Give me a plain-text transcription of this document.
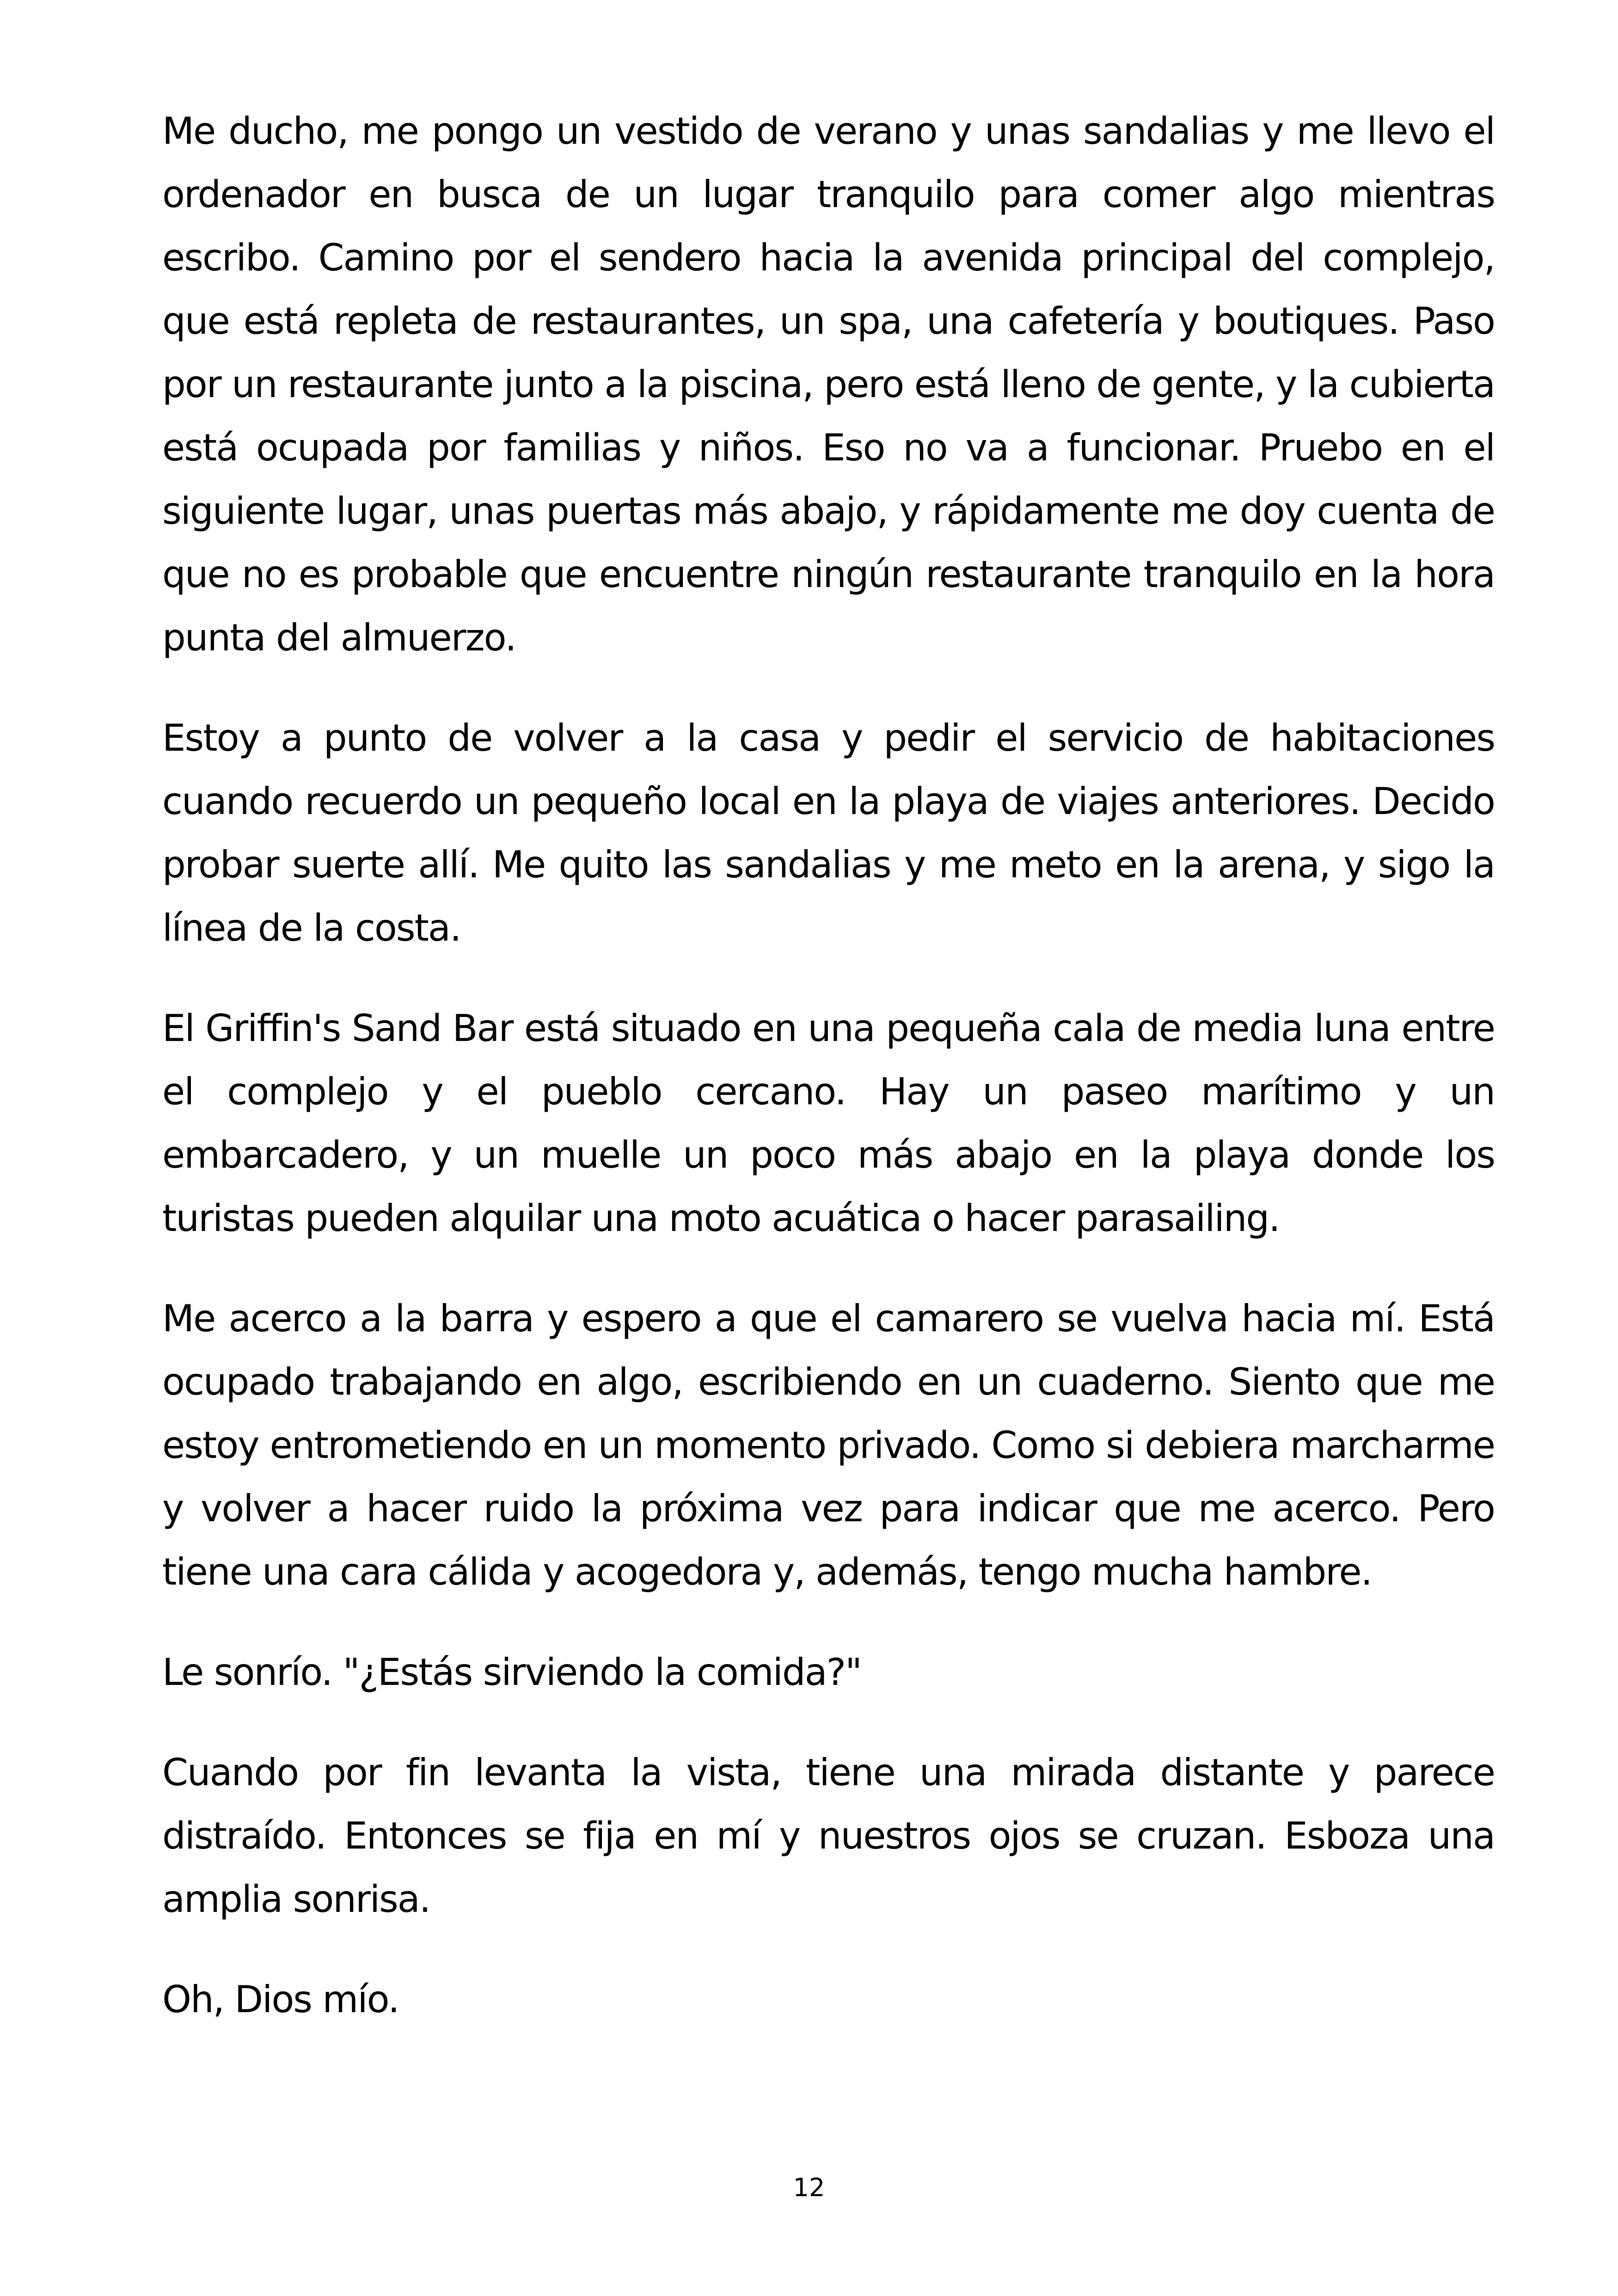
Me ducho, me pongo un vestido de verano y unas sandalias y me llevo el ordenador en busca de un lugar tranquilo para comer algo mientras escribo. Camino por el sendero hacia la avenida principal del complejo, que está repleta de restaurantes, un spa, una cafetería y boutiques. Paso por un restaurante junto a la piscina, pero está lleno de gente, y la cubierta está ocupada por familias y niños. Eso no va a funcionar. Pruebo en el siguiente lugar, unas puertas más abajo, y rápidamente me doy cuenta de que no es probable que encuentre ningún restaurante tranquilo en la hora punta del almuerzo.

Estoy a punto de volver a la casa y pedir el servicio de habitaciones cuando recuerdo un pequeño local en la playa de viajes anteriores. Decido probar suerte allí. Me quito las sandalias y me meto en la arena, y sigo la línea de la costa.

El Griffin's Sand Bar está situado en una pequeña cala de media luna entre el complejo y el pueblo cercano. Hay un paseo marítimo y un embarcadero, y un muelle un poco más abajo en la playa donde los turistas pueden alquilar una moto acuática o hacer parasailing.

Me acerco a la barra y espero a que el camarero se vuelva hacia mí. Está ocupado trabajando en algo, escribiendo en un cuaderno. Siento que me estoy entrometiendo en un momento privado. Como si debiera marcharme y volver a hacer ruido la próxima vez para indicar que me acerco. Pero tiene una cara cálida y acogedora y, además, tengo mucha hambre.

Le sonrío. "¿Estás sirviendo la comida?"

Cuando por fin levanta la vista, tiene una mirada distante y parece distraído. Entonces se fija en mí y nuestros ojos se cruzan. Esboza una amplia sonrisa.

Oh, Dios mío.

12
